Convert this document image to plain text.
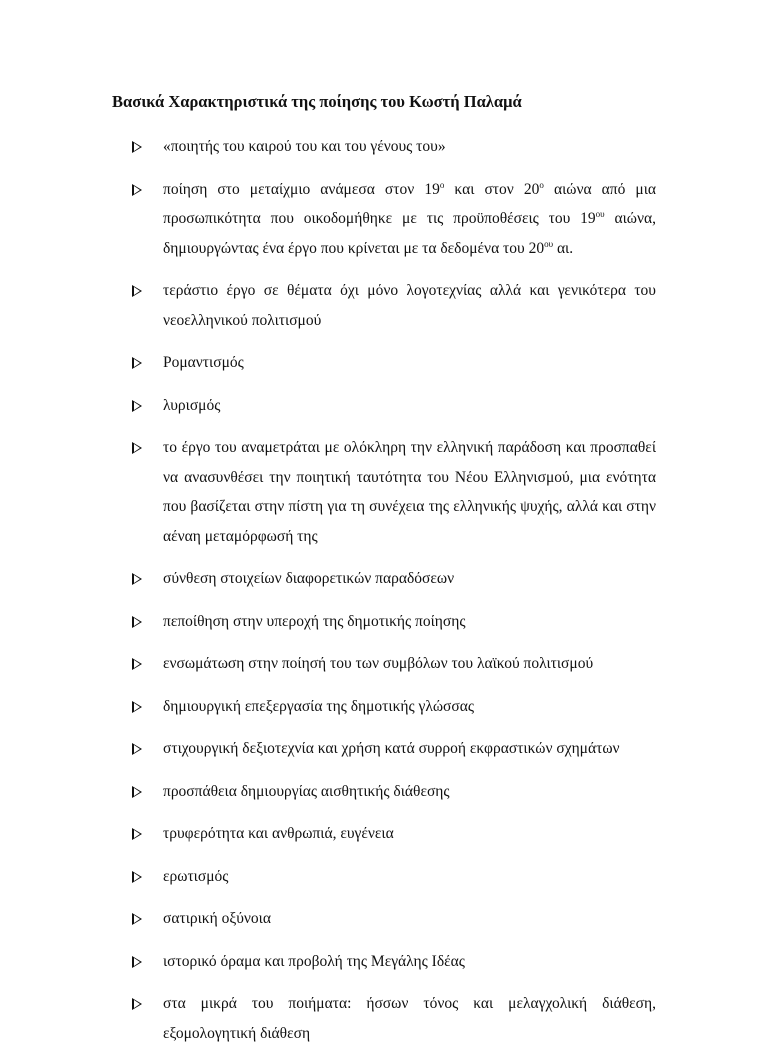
Βασικά Χαρακτηριστικά της ποίησης του Κωστή Παλαμά
«ποιητής του καιρού του και του γένους του»
ποίηση στο μεταίχμιο ανάμεσα στον $19^o$ και στον $20^o$ αιώνα από μια προσωπικότητα που οικοδομήθηκε με τις προϋποθέσεις του $19^{o\upsilon}$ αιώνα, δημιουργώντας ένα έργο που κρίνεται με τα δεδομένα του $20^{o\upsilon}$ αι.
τεράστιο έργο σε θέματα όχι μόνο λογοτεχνίας αλλά και γενικότερα του νεοελληνικού πολιτισμού
Ρομαντισμός
λυρισμός
το έργο του αναμετράται με ολόκληρη την ελληνική παράδοση και προσπαθεί να ανασυνθέσει την ποιητική ταυτότητα του Νέου Ελληνισμού, μια ενότητα που βασίζεται στην πίστη για τη συνέχεια της ελληνικής ψυχής, αλλά και στην αέναη μεταμόρφωσή της
σύνθεση στοιχείων διαφορετικών παραδόσεων
πεποίθηση στην υπεροχή της δημοτικής ποίησης
ενσωμάτωση στην ποίησή του των συμβόλων του λαϊκού πολιτισμού
δημιουργική επεξεργασία της δημοτικής γλώσσας
στιχουργική δεξιοτεχνία και χρήση κατά συρροή εκφραστικών σχημάτων
προσπάθεια δημιουργίας αισθητικής διάθεσης
τρυφερότητα και ανθρωπιά, ευγένεια
ερωτισμός
σατιρική οξύνοια
ιστορικό όραμα και προβολή της Μεγάλης Ιδέας
στα μικρά του ποιήματα: ήσσων τόνος και μελαγχολική διάθεση, εξομολογητική διάθεση
